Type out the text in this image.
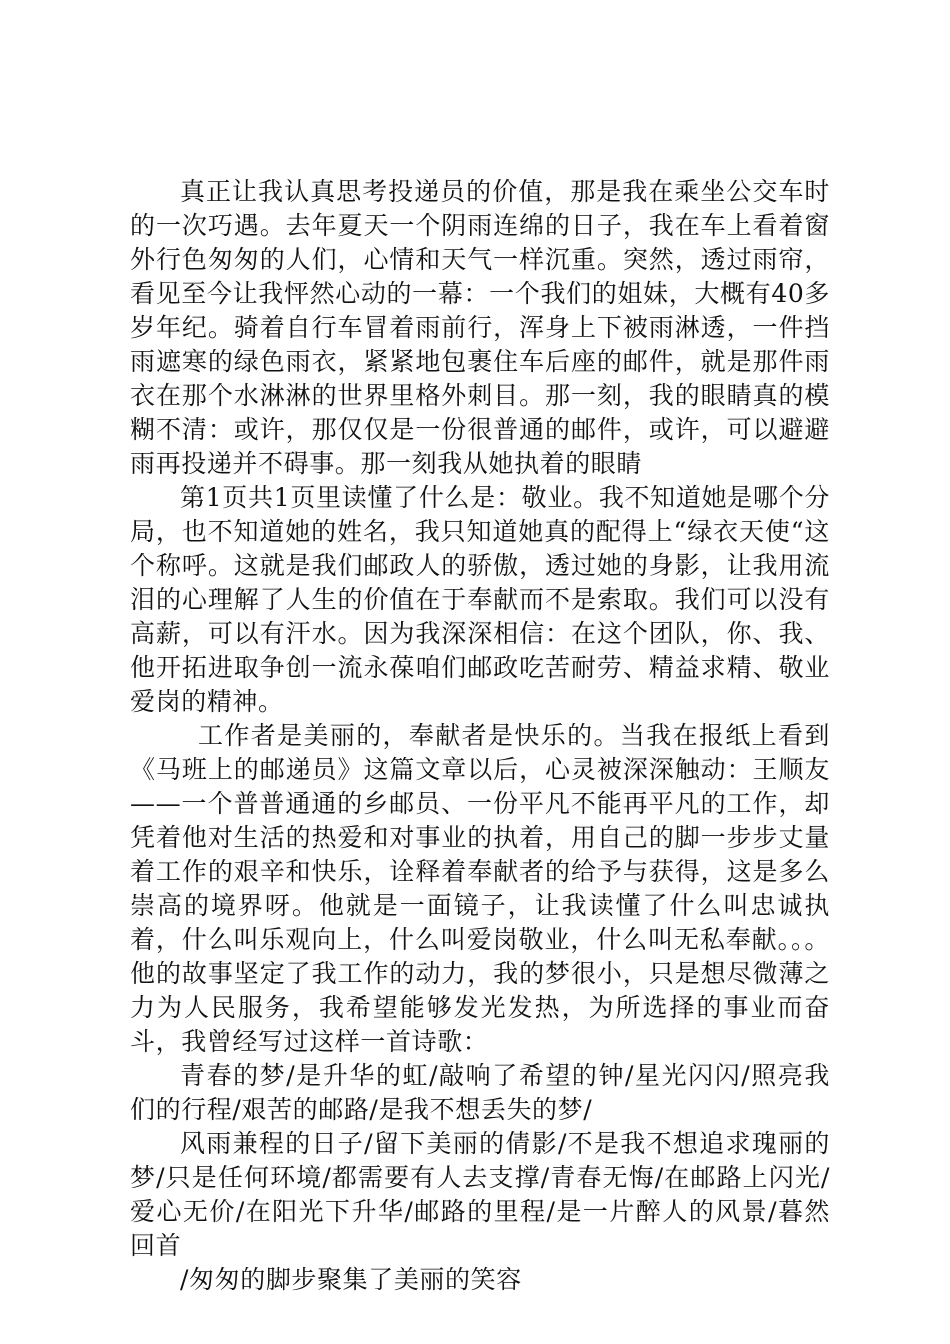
真正让我认真思考投递员的价值，那是我在乘坐公交车时的一次巧遇。去年夏天一个阴雨连绵的日子，我在车上看着窗外行色匆匆的人们，心情和天气一样沉重。突然，透过雨帘，看见至今让我怦然心动的一幕：一个我们的姐妹，大概有40多岁年纪。骑着自行车冒着雨前行，浑身上下被雨淋透，一件挡雨遮寒的绿色雨衣，紧紧地包裹住车后座的邮件，就是那件雨衣在那个水淋淋的世界里格外刺目。那一刻，我的眼睛真的模糊不清：或许，那仅仅是一份很普通的邮件，或许，可以避避雨再投递并不碍事。那一刻我从她执着的眼睛

第1页共1页里读懂了什么是：敬业。我不知道她是哪个分局，也不知道她的姓名，我只知道她真的配得上“绿衣天使“这个称呼。这就是我们邮政人的骄傲，透过她的身影，让我用流泪的心理解了人生的价值在于奉献而不是索取。我们可以没有高薪，可以有汗水。因为我深深相信：在这个团队，你、我、他开拓进取争创一流永葆咱们邮政吃苦耐劳、精益求精、敬业爱岗的精神。

工作者是美丽的，奉献者是快乐的。当我在报纸上看到《马班上的邮递员》这篇文章以后，心灵被深深触动：王顺友——一个普普通通的乡邮员、一份平凡不能再平凡的工作，却凭着他对生活的热爱和对事业的执着，用自己的脚一步步丈量着工作的艰辛和快乐，诠释着奉献者的给予与获得，这是多么崇高的境界呀。他就是一面镜子，让我读懂了什么叫忠诚执着，什么叫乐观向上，什么叫爱岗敬业，什么叫无私奉献。。。他的故事坚定了我工作的动力，我的梦很小，只是想尽微薄之力为人民服务，我希望能够发光发热，为所选择的事业而奋斗，我曾经写过这样一首诗歌：

青春的梦/是升华的虹/敲响了希望的钟/星光闪闪/照亮我们的行程/艰苦的邮路/是我不想丢失的梦/

风雨兼程的日子/留下美丽的倩影/不是我不想追求瑰丽的梦/只是任何环境/都需要有人去支撑/青春无悔/在邮路上闪光/爱心无价/在阳光下升华/邮路的里程/是一片醉人的风景/暮然回首

/匆匆的脚步聚集了美丽的笑容
